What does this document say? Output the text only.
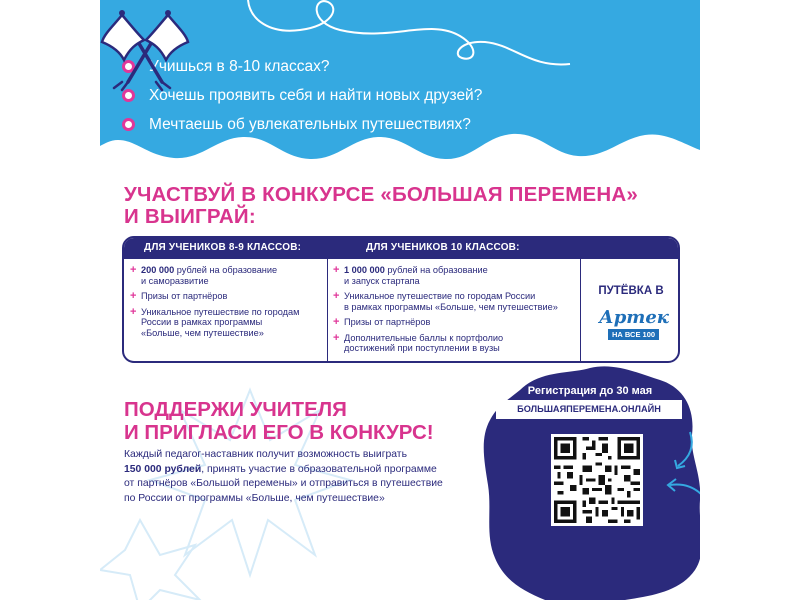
Учишься в 8-10 классах?
Хочешь проявить себя и найти новых друзей?
Мечтаешь об увлекательных путешествиях?
УЧАСТВУЙ В КОНКУРСЕ «БОЛЬШАЯ ПЕРЕМЕНА»
И ВЫИГРАЙ:
ДЛЯ УЧЕНИКОВ 8-9 КЛАССОВ:	ДЛЯ УЧЕНИКОВ 10 КЛАССОВ:
+ 200 000 рублей на образование
и саморазвитие
+ Призы от партнёров
+ Уникальное путешествие по городам
России в рамках программы
«Больше, чем путешествие»
+ 1 000 000 рублей на образование
и запуск стартапа
+ Уникальное путешествие по городам России
в рамках программы «Больше, чем путешествие»
+ Призы от партнёров
+ Дополнительные баллы к портфолио
достижений при поступлении в вузы
ПУТЁВКА В
Артек
НА ВСЕ 100
ПОДДЕРЖИ УЧИТЕЛЯ
И ПРИГЛАСИ ЕГО В КОНКУРС!
Каждый педагог-наставник получит возможность выиграть
150 000 рублей, принять участие в образовательной программе
от партнёров «Большой перемены» и отправиться в путешествие
по России от программы «Больше, чем путешествие»
Регистрация до 30 мая
БОЛЬШАЯПЕРЕМЕНА.ОНЛАЙН
